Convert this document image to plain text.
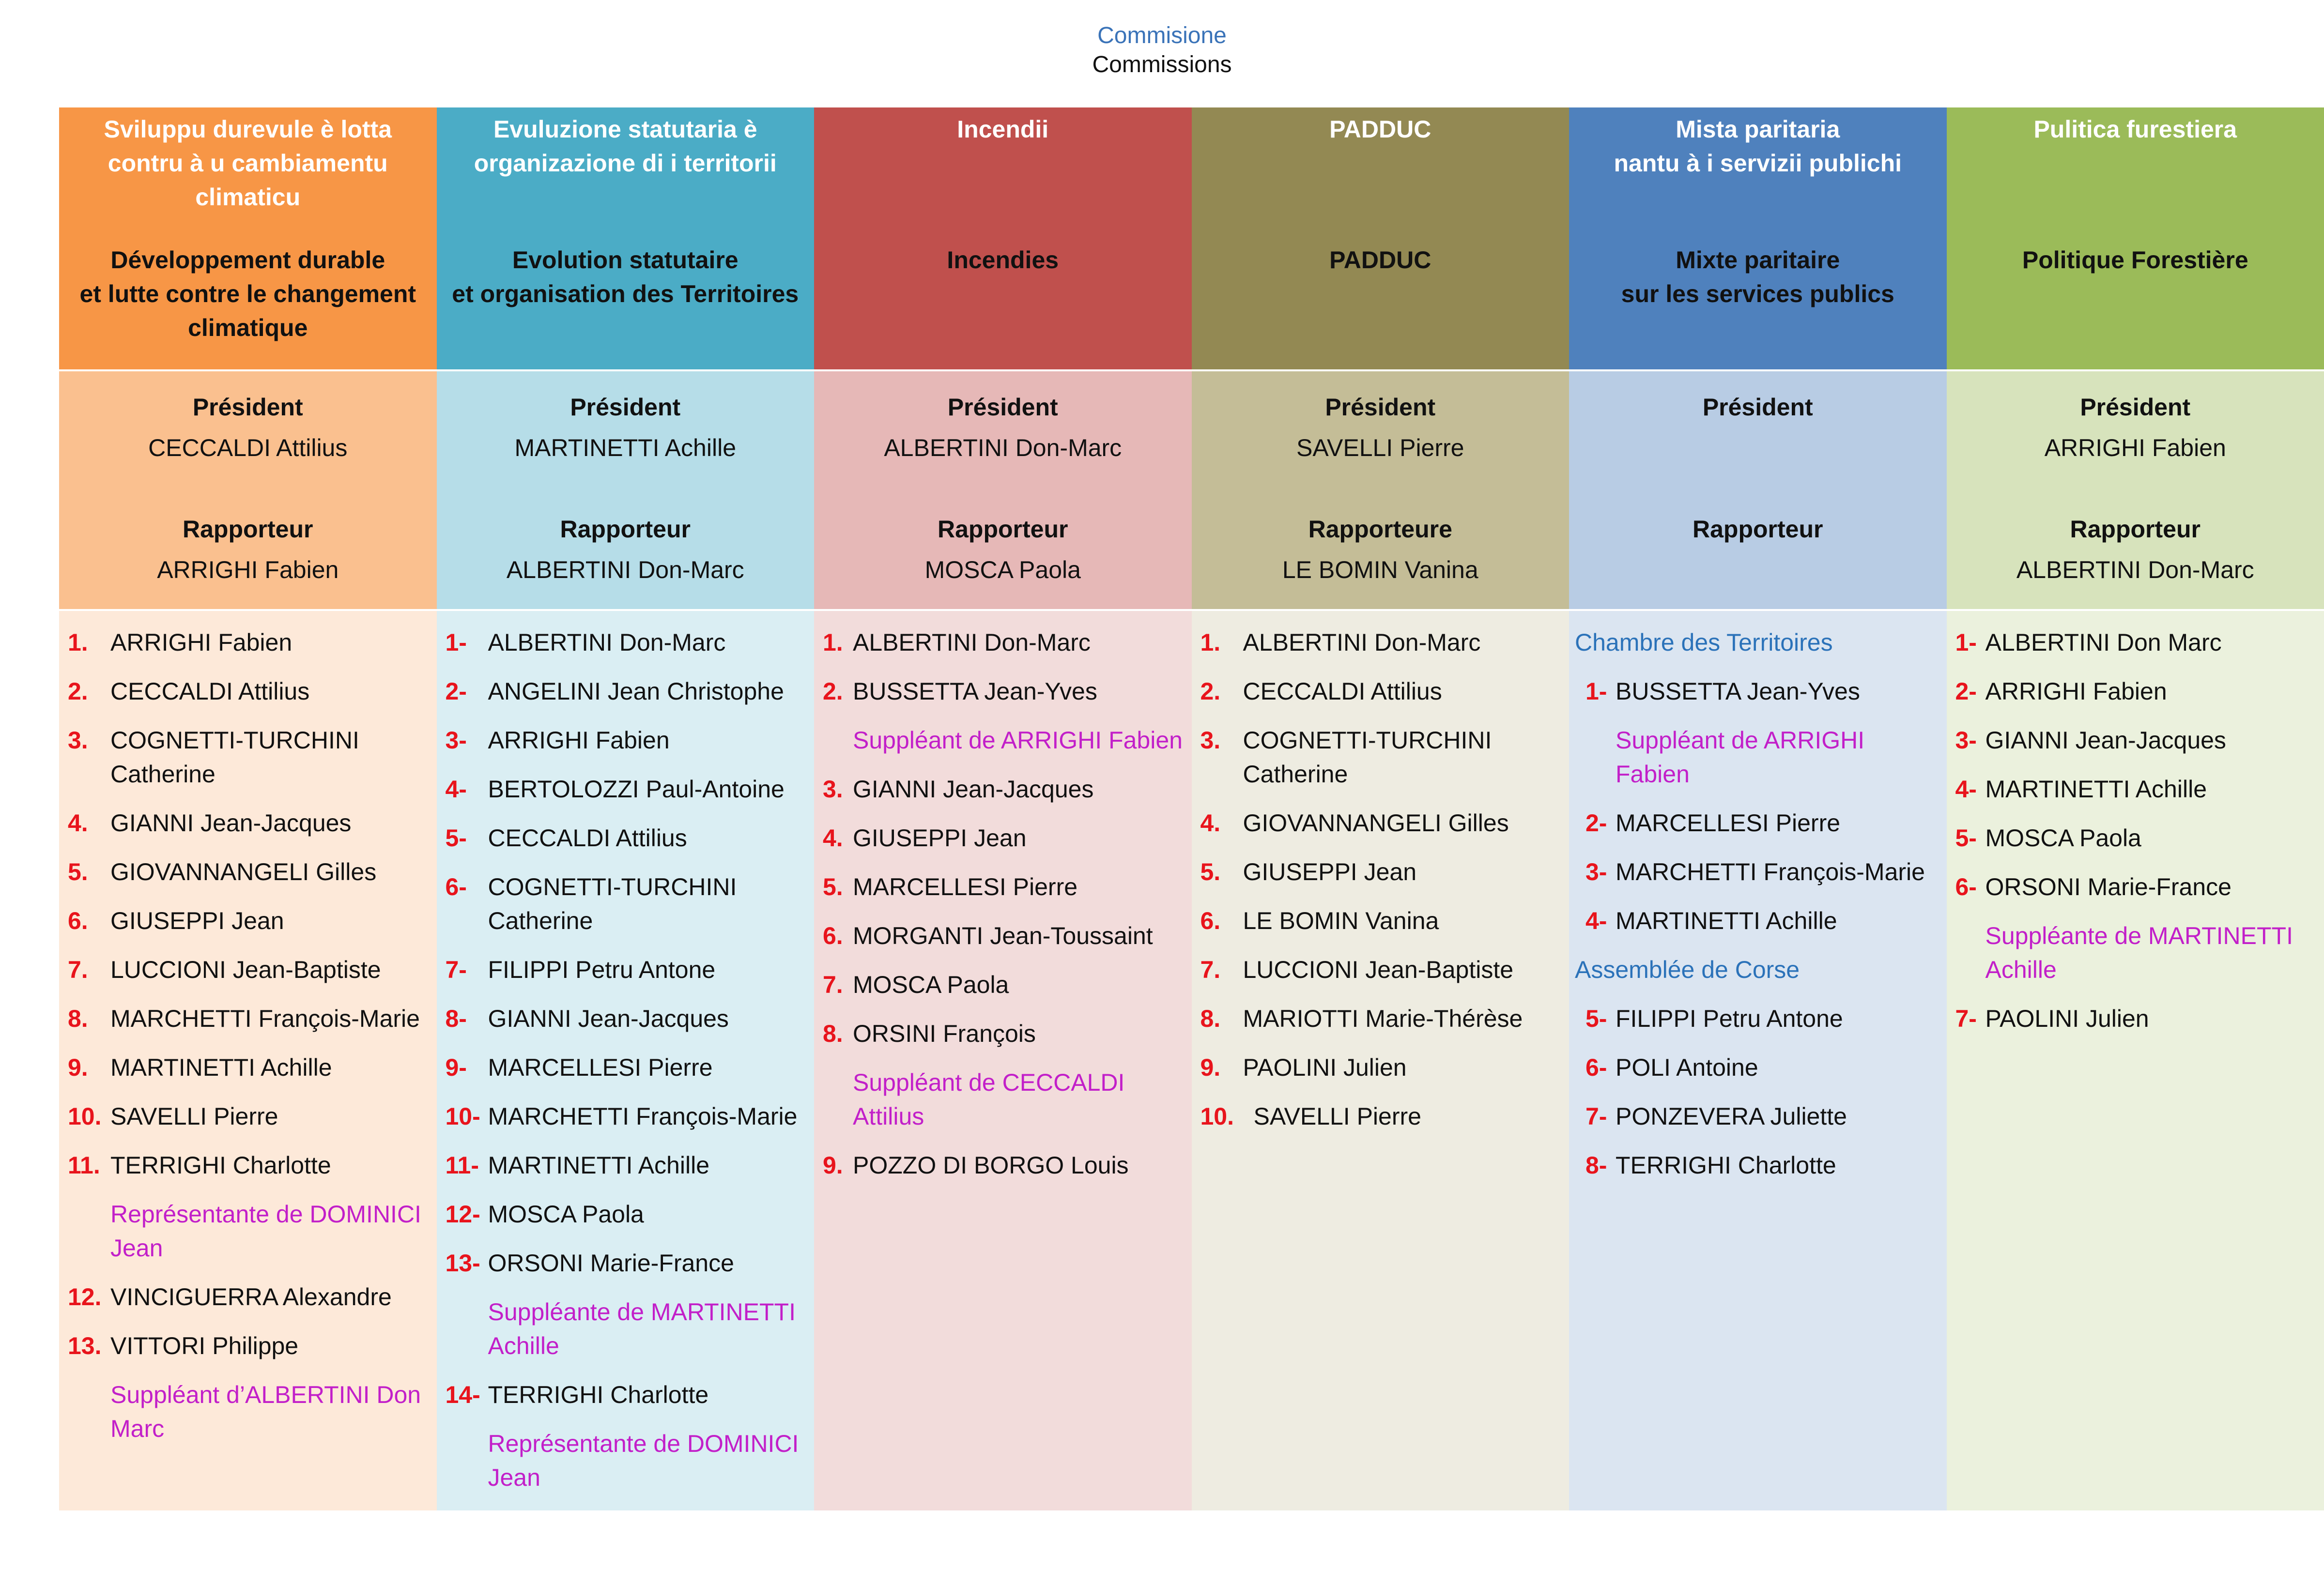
Commisione
Commissions
Sviluppu durevule è lotta
contru à u cambiamentu
climaticu
Développement durable
et lutte contre le changement
climatique
Président
CECCALDI Attilius
Rapporteur
ARRIGHI Fabien
1. ARRIGHI Fabien
2. CECCALDI Attilius
3. COGNETTI-TURCHINI Catherine
4. GIANNI Jean-Jacques
5. GIOVANNANGELI Gilles
6. GIUSEPPI Jean
7. LUCCIONI Jean-Baptiste
8. MARCHETTI François-Marie
9. MARTINETTI Achille
10. SAVELLI Pierre
11. TERRIGHI Charlotte
Représentante de DOMINICI Jean
12. VINCIGUERRA Alexandre
13. VITTORI Philippe
Suppléant d’ALBERTINI Don Marc
Evuluzione statutaria è
organizazione di i territorii
Evolution statutaire
et organisation des Territoires
Président
MARTINETTI Achille
Rapporteur
ALBERTINI Don-Marc
1- ALBERTINI Don-Marc
2- ANGELINI Jean Christophe
3- ARRIGHI Fabien
4- BERTOLOZZI Paul-Antoine
5- CECCALDI Attilius
6- COGNETTI-TURCHINI Catherine
7- FILIPPI Petru Antone
8- GIANNI Jean-Jacques
9- MARCELLESI Pierre
10- MARCHETTI François-Marie
11- MARTINETTI Achille
12- MOSCA Paola
13- ORSONI Marie-France
Suppléante de MARTINETTI Achille
14- TERRIGHI Charlotte
Représentante de DOMINICI Jean
Incendii
Incendies
Président
ALBERTINI Don-Marc
Rapporteur
MOSCA Paola
1. ALBERTINI Don-Marc
2. BUSSETTA Jean-Yves
Suppléant de ARRIGHI Fabien
3. GIANNI Jean-Jacques
4. GIUSEPPI Jean
5. MARCELLESI Pierre
6. MORGANTI Jean-Toussaint
7. MOSCA Paola
8. ORSINI François
Suppléant de CECCALDI Attilius
9. POZZO DI BORGO Louis
PADDUC
PADDUC
Président
SAVELLI Pierre
Rapporteure
LE BOMIN Vanina
1. ALBERTINI Don-Marc
2. CECCALDI Attilius
3. COGNETTI-TURCHINI Catherine
4. GIOVANNANGELI Gilles
5. GIUSEPPI Jean
6. LE BOMIN Vanina
7. LUCCIONI Jean-Baptiste
8. MARIOTTI Marie-Thérèse
9. PAOLINI Julien
10. SAVELLI Pierre
Mista paritaria
nantu à i servizii publichi
Mixte paritaire
sur les services publics
Président
Rapporteur
Chambre des Territoires
1- BUSSETTA Jean-Yves
Suppléant de ARRIGHI Fabien
2- MARCELLESI Pierre
3- MARCHETTI François-Marie
4- MARTINETTI Achille
Assemblée de Corse
5- FILIPPI Petru Antone
6- POLI Antoine
7- PONZEVERA Juliette
8- TERRIGHI Charlotte
Pulitica furestiera
Politique Forestière
Président
ARRIGHI Fabien
Rapporteur
ALBERTINI Don-Marc
1- ALBERTINI Don Marc
2- ARRIGHI Fabien
3- GIANNI Jean-Jacques
4- MARTINETTI Achille
5- MOSCA Paola
6- ORSONI Marie-France
Suppléante de MARTINETTI Achille
7- PAOLINI Julien
